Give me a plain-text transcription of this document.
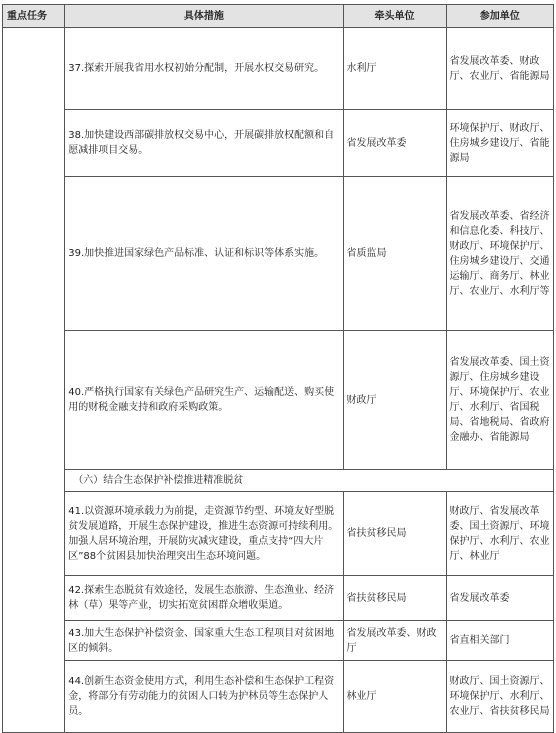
重点任务	具体措施	牵头单位	参加单位
	37.探索开展我省用水权初始分配制，开展水权交易研究。	水利厅	省发展改革委、财政厅、农业厅、省能源局
	38.加快建设西部碳排放权交易中心，开展碳排放权配额和自愿减排项目交易。	省发展改革委	环境保护厅、财政厅、住房城乡建设厅、省能源局
	39.加快推进国家绿色产品标准、认证和标识等体系实施。	省质监局	省发展改革委、省经济和信息化委、科技厅、财政厅、环境保护厅、住房城乡建设厅、交通运输厅、商务厅、林业厅、农业厅、水利厅等
	40.严格执行国家有关绿色产品研究生产、运输配送、购买使用的财税金融支持和政府采购政策。	财政厅	省发展改革委、国土资源厅、住房城乡建设厅、环境保护厅、农业厅、水利厅、省国税局、省地税局、省政府金融办、省能源局
	（六）结合生态保护补偿推进精准脱贫		
	41.以资源环境承载力为前提，走资源节约型、环境友好型脱贫发展道路，开展生态保护建设，推进生态资源可持续利用。加强人居环境治理，开展防灾减灾建设，重点支持“四大片区”88个贫困县加快治理突出生态环境问题。	省扶贫移民局	财政厅、省发展改革委、国土资源厅、环境保护厅、水利厅、农业厅、林业厅
	42.探索生态脱贫有效途径，发展生态旅游、生态渔业、经济林（草）果等产业，切实拓宽贫困群众增收渠道。	省扶贫移民局	省发展改革委
	43.加大生态保护补偿资金、国家重大生态工程项目对贫困地区的倾斜。	省发展改革委、财政厅	省直相关部门
	44.创新生态资金使用方式，利用生态补偿和生态保护工程资金，将部分有劳动能力的贫困人口转为护林员等生态保护人员。	林业厅	财政厅、国土资源厅、环境保护厅、水利厅、农业厅、省扶贫移民局
